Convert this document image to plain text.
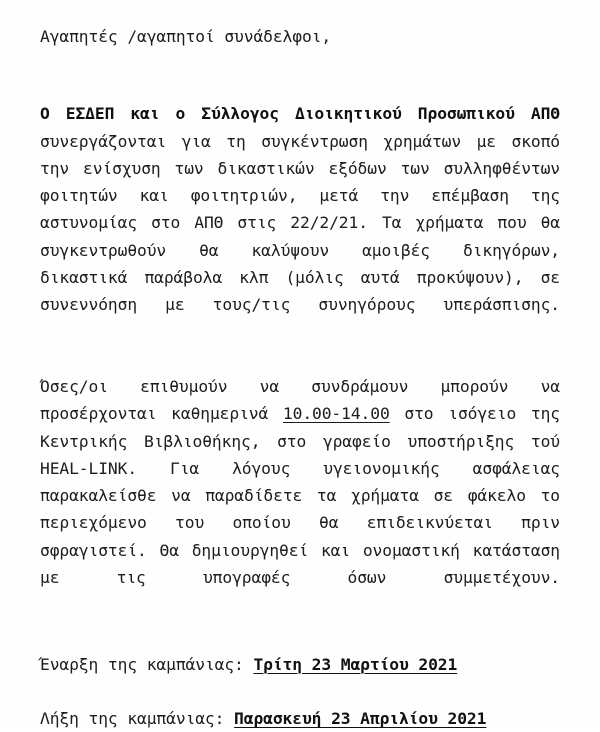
Αγαπητές /αγαπητοί συνάδελφοι,
Ο ΕΣΔΕΠ και ο Σύλλογος Διοικητικού Προσωπικού ΑΠΘ συνεργάζονται για τη συγκέντρωση χρημάτων με σκοπό την ενίσχυση των δικαστικών εξόδων των συλληφθέντων φοιτητών και φοιτητριών, μετά την επέμβαση της αστυνομίας στο ΑΠΘ στις 22/2/21. Τα χρήματα που θα συγκεντρωθούν θα καλύψουν αμοιβές δικηγόρων, δικαστικά παράβολα κλπ (μόλις αυτά προκύψουν), σε συνεννόηση με τους/τις συνηγόρους υπεράσπισης.
Όσες/οι επιθυμούν να συνδράμουν μπορούν να προσέρχονται καθημερινά 10.00-14.00 στο ισόγειο της Κεντρικής Βιβλιοθήκης, στο γραφείο υποστήριξης τού HEAL-LINK. Για λόγους υγειονομικής ασφάλειας παρακαλείσθε να παραδίδετε τα χρήματα σε φάκελο το περιεχόμενο του οποίου θα επιδεικνύεται πριν σφραγιστεί. Θα δημιουργηθεί και ονομαστική κατάσταση με τις υπογραφές όσων συμμετέχουν.
Έναρξη της καμπάνιας: Τρίτη 23 Μαρτίου 2021
Λήξη της καμπάνιας: Παρασκευή 23 Απριλίου 2021
